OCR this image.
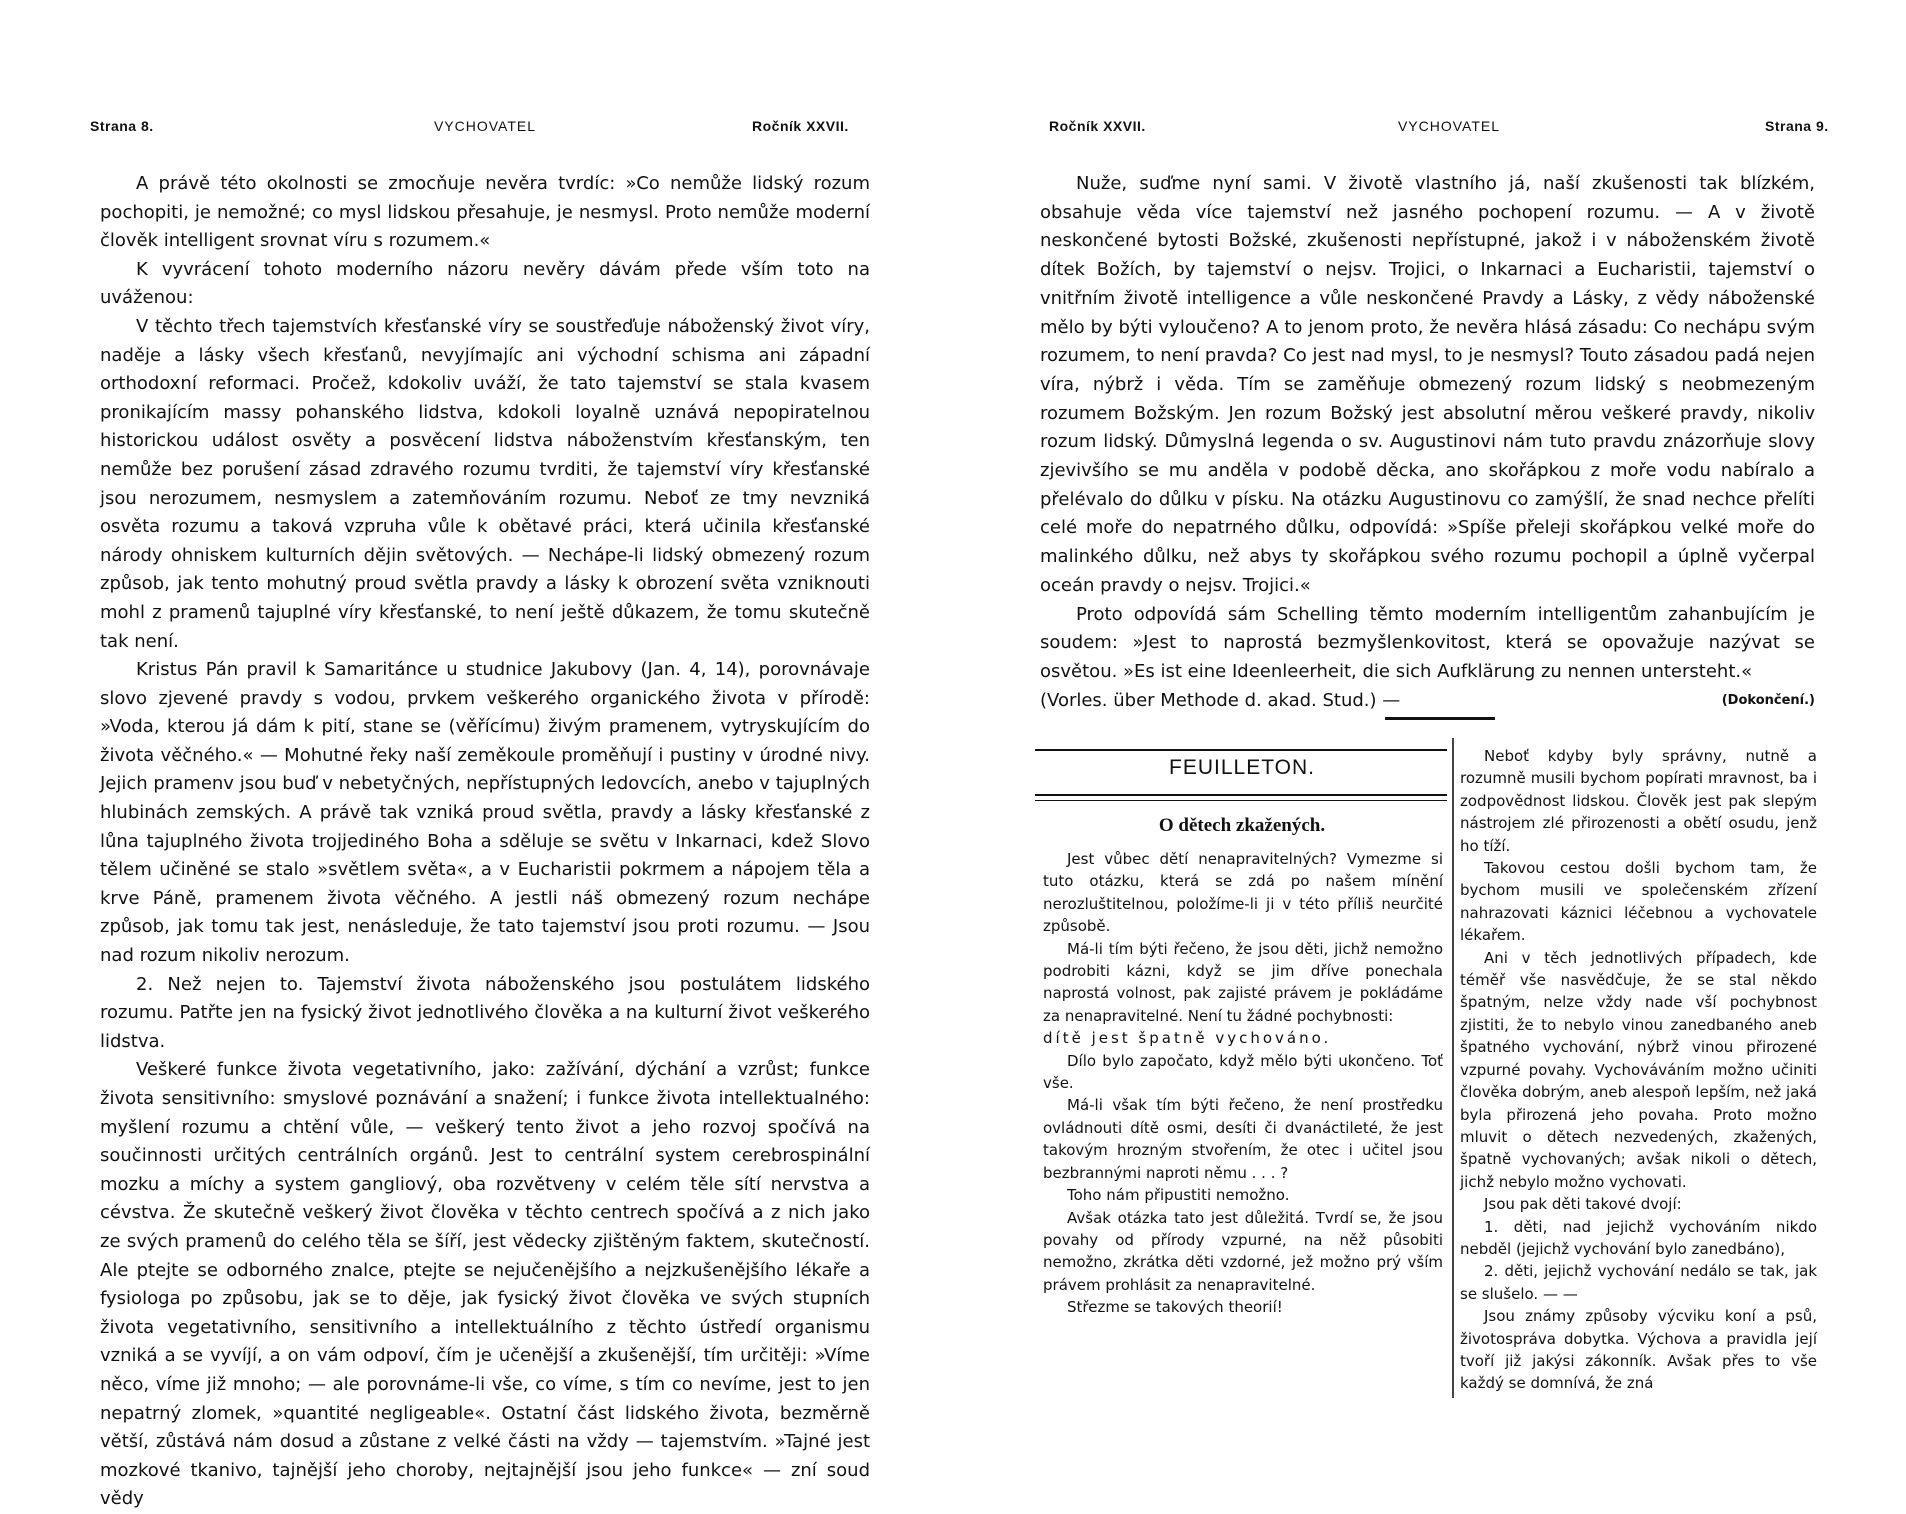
Strana 8.	VYCHOVATEL	Ročník XXVII.

A právě této okolnosti se zmocňuje nevěra tvrdíc: »Co nemůže lidský rozum pochopiti, je nemožné; co mysl lidskou přesahuje, je nesmysl. Proto nemůže moderní člověk intelligent srovnat víru s rozumem.«

K vyvrácení tohoto moderního názoru nevěry dávám přede vším toto na uváženou:

V těchto třech tajemstvích křesťanské víry se soustřeďuje náboženský život víry, naděje a lásky všech křesťanů, nevyjímajíc ani východní schisma ani západní orthodoxní reformaci. Pročež, kdokoliv uváží, že tato tajemství se stala kvasem pronikajícím massy pohanského lidstva, kdokoli loyalně uznává nepopiratelnou historickou událost osvěty a posvěcení lidstva náboženstvím křesťanským, ten nemůže bez porušení zásad zdravého rozumu tvrditi, že tajemství víry křesťanské jsou nerozumem, nesmyslem a zatemňováním rozumu. Neboť ze tmy nevzniká osvěta rozumu a taková vzpruha vůle k obětavé práci, která učinila křesťanské národy ohniskem kulturních dějin světových. — Nechápe-li lidský obmezený rozum způsob, jak tento mohutný proud světla pravdy a lásky k obrození světa vzniknouti mohl z pramenů tajuplné víry křesťanské, to není ještě důkazem, že tomu skutečně tak není.

Kristus Pán pravil k Samaritánce u studnice Jakubovy (Jan. 4, 14), porovnávaje slovo zjevené pravdy s vodou, prvkem veškerého organického života v přírodě: »Voda, kterou já dám k pití, stane se (věřícímu) živým pramenem, vytryskujícím do života věčného.« — Mohutné řeky naší zeměkoule proměňují i pustiny v úrodné nivy. Jejich pramenv jsou buď v nebetyčných, nepřístupných ledovcích, anebo v tajuplných hlubinách zemských. A právě tak vzniká proud světla, pravdy a lásky křesťanské z lůna tajuplného života trojjediného Boha a sděluje se světu v Inkarnaci, kdež Slovo tělem učiněné se stalo »světlem světa«, a v Eucharistii pokrmem a nápojem těla a krve Páně, pramenem života věčného. A jestli náš obmezený rozum nechápe způsob, jak tomu tak jest, nenásleduje, že tato tajemství jsou proti rozumu. — Jsou nad rozum nikoliv nerozum.

2. Než nejen to. Tajemství života náboženského jsou postulátem lidského rozumu. Patřte jen na fysický život jednotlivého člověka a na kulturní život veškerého lidstva.

Veškeré funkce života vegetativního, jako: zažívání, dýchání a vzrůst; funkce života sensitivního: smyslové poznávání a snažení; i funkce života intellektualného: myšlení rozumu a chtění vůle, — veškerý tento život a jeho rozvoj spočívá na součinnosti určitých centrálních orgánů. Jest to centrální system cerebrospinální mozku a míchy a system gangliový, oba rozvětveny v celém těle sítí nervstva a cévstva. Že skutečně veškerý život člověka v těchto centrech spočívá a z nich jako ze svých pramenů do celého těla se šíří, jest vědecky zjištěným faktem, skutečností. Ale ptejte se odborného znalce, ptejte se nejučenějšího a nejzkušenějšího lékaře a fysiologa po způsobu, jak se to děje, jak fysický život člověka ve svých stupních života vegetativního, sensitivního a intellektuálního z těchto ústředí organismu vzniká a se vyvíjí, a on vám odpoví, čím je učenější a zkušenější, tím určitěji: »Víme něco, víme již mnoho; — ale porovnáme-li vše, co víme, s tím co nevíme, jest to jen nepatrný zlomek, »quantité negligeable«. Ostatní část lidského života, bezměrně větší, zůstává nám dosud a zůstane z velké části na vždy — tajemstvím. »Tajné jest mozkové tkanivo, tajnější jeho choroby, nejtajnější jsou jeho funkce« — zní soud vědy

Ročník XXVII.	VYCHOVATEL	Strana 9.

Nuže, suďme nyní sami. V životě vlastního já, naší zkušenosti tak blízkém, obsahuje věda více tajemství než jasného pochopení rozumu. — A v životě neskončené bytosti Božské, zkušenosti nepřístupné, jakož i v náboženském životě dítek Božích, by tajemství o nejsv. Trojici, o Inkarnaci a Eucharistii, tajemství o vnitřním životě intelligence a vůle neskončené Pravdy a Lásky, z vědy náboženské mělo by býti vyloučeno? A to jenom proto, že nevěra hlásá zásadu: Co nechápu svým rozumem, to není pravda? Co jest nad mysl, to je nesmysl? Touto zásadou padá nejen víra, nýbrž i věda. Tím se zaměňuje obmezený rozum lidský s neobmezeným rozumem Božským. Jen rozum Božský jest absolutní měrou veškeré pravdy, nikoliv rozum lidský. Důmyslná legenda o sv. Augustinovi nám tuto pravdu znázorňuje slovy zjevivšího se mu anděla v podobě děcka, ano skořápkou z moře vodu nabíralo a přelévalo do důlku v písku. Na otázku Augustinovu co zamýšlí, že snad nechce přelíti celé moře do nepatrného důlku, odpovídá: »Spíše přeleji skořápkou velké moře do malinkého důlku, než abys ty skořápkou svého rozumu pochopil a úplně vyčerpal oceán pravdy o nejsv. Trojici.«

Proto odpovídá sám Schelling těmto moderním intelligentům zahanbujícím je soudem: »Jest to naprostá bezmyšlenkovitost, která se opovažuje nazývat se osvětou. »Es ist eine Ideenleerheit, die sich Aufklärung zu nennen untersteht.«

(Vorles. über Methode d. akad. Stud.) —	(Dokončení.)
FEUILLETON.
O dětech zkažených.

Jest vůbec dětí nenapravitelných? Vymezme si tuto otázku, která se zdá po našem mínění nerozluštitelnou, položíme-li ji v této příliš neurčité způsobě.

Má-li tím býti řečeno, že jsou děti, jichž nemožno podrobiti kázni, když se jim dříve ponechala naprostá volnost, pak zajisté právem je pokládáme za nenapravitelné. Není tu žádné pochybnosti:

dítě jest špatně vychováno.

Dílo bylo započato, když mělo býti ukončeno. Toť vše.

Má-li však tím býti řečeno, že není prostředku ovládnouti dítě osmi, desíti či dvanáctileté, že jest takovým hrozným stvořením, že otec i učitel jsou bezbrannými naproti němu . . . ?

Toho nám připustiti nemožno.

Avšak otázka tato jest důležitá. Tvrdí se, že jsou povahy od přírody vzpurné, na něž působiti nemožno, zkrátka děti vzdorné, jež možno prý vším právem prohlásit za nenapravitelné.

Střezme se takových theorií!

Neboť kdyby byly správny, nutně a rozumně musili bychom popírati mravnost, ba i zodpovědnost lidskou. Člověk jest pak slepým nástrojem zlé přirozenosti a obětí osudu, jenž ho tíží.

Takovou cestou došli bychom tam, že bychom musili ve společenském zřízení nahrazovati káznici léčebnou a vychovatele lékařem.

Ani v těch jednotlivých případech, kde téměř vše nasvědčuje, že se stal někdo špatným, nelze vždy nade vší pochybnost zjistiti, že to nebylo vinou zanedbaného aneb špatného vychování, nýbrž vinou přirozené vzpurné povahy. Vychováváním možno učiniti člověka dobrým, aneb alespoň lepším, než jaká byla přirozená jeho povaha. Proto možno mluvit o dětech nezvedených, zkažených, špatně vychovaných; avšak nikoli o dětech, jichž nebylo možno vychovati.

Jsou pak děti takové dvojí:

1. děti, nad jejichž vychováním nikdo nebděl (jejichž vychování bylo zanedbáno),

2. děti, jejichž vychování nedálo se tak, jak se slušelo. — —

Jsou známy způsoby výcviku koní a psů, životospráva dobytka. Výchova a pravidla její tvoří již jakýsi zákonník. Avšak přes to vše každý se domnívá, že zná
